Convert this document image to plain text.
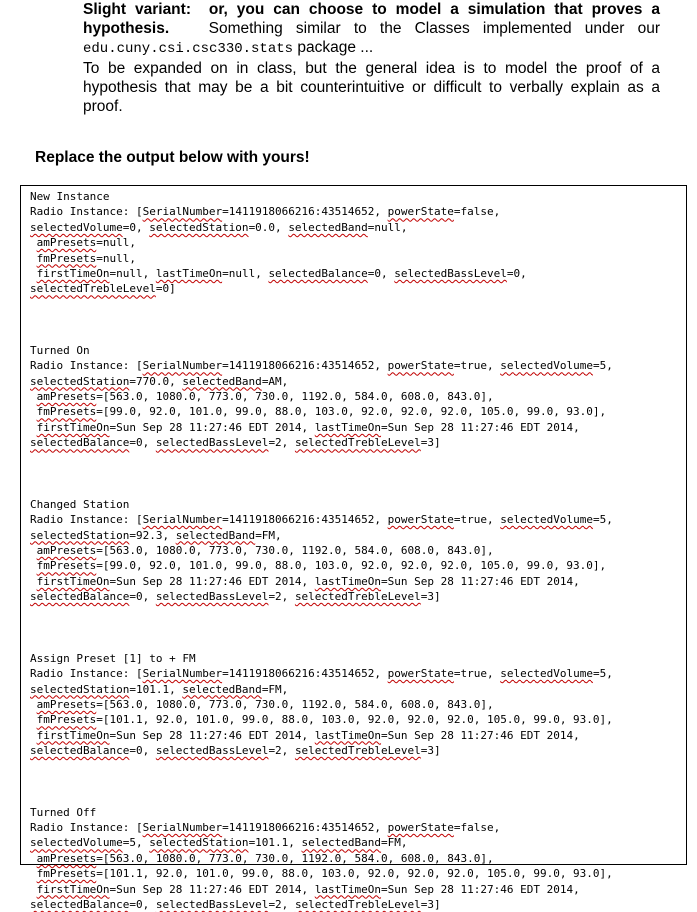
Slight variant: or, you can choose to model a simulation that proves a hypothesis.	Something similar to the Classes implemented under our edu.cuny.csi.csc330.stats package ...

To be expanded on in class, but the general idea is to model the proof of a hypothesis that may be a bit counterintuitive or difficult to verbally explain as a proof.

Replace the output below with yours!

New Instance
Radio Instance: [SerialNumber=1411918066216:43514652, powerState=false,
selectedVolume=0, selectedStation=0.0, selectedBand=null,
amPresets=null,
fmPresets=null,
firstTimeOn=null, lastTimeOn=null, selectedBalance=0, selectedBassLevel=0,
selectedTrebleLevel=0]
Turned On
Radio Instance: [SerialNumber=1411918066216:43514652, powerState=true, selectedVolume=5,
selectedStation=770.0, selectedBand=AM,
amPresets=[563.0, 1080.0, 773.0, 730.0, 1192.0, 584.0, 608.0, 843.0],
fmPresets=[99.0, 92.0, 101.0, 99.0, 88.0, 103.0, 92.0, 92.0, 92.0, 105.0, 99.0, 93.0],
firstTimeOn=Sun Sep 28 11:27:46 EDT 2014, lastTimeOn=Sun Sep 28 11:27:46 EDT 2014,
selectedBalance=0, selectedBassLevel=2, selectedTrebleLevel=3]
Changed Station
Radio Instance: [SerialNumber=1411918066216:43514652, powerState=true, selectedVolume=5,
selectedStation=92.3, selectedBand=FM,
amPresets=[563.0, 1080.0, 773.0, 730.0, 1192.0, 584.0, 608.0, 843.0],
fmPresets=[99.0, 92.0, 101.0, 99.0, 88.0, 103.0, 92.0, 92.0, 92.0, 105.0, 99.0, 93.0],
firstTimeOn=Sun Sep 28 11:27:46 EDT 2014, lastTimeOn=Sun Sep 28 11:27:46 EDT 2014,
selectedBalance=0, selectedBassLevel=2, selectedTrebleLevel=3]
Assign Preset [1] to + FM
Radio Instance: [SerialNumber=1411918066216:43514652, powerState=true, selectedVolume=5,
selectedStation=101.1, selectedBand=FM,
amPresets=[563.0, 1080.0, 773.0, 730.0, 1192.0, 584.0, 608.0, 843.0],
fmPresets=[101.1, 92.0, 101.0, 99.0, 88.0, 103.0, 92.0, 92.0, 92.0, 105.0, 99.0, 93.0],
firstTimeOn=Sun Sep 28 11:27:46 EDT 2014, lastTimeOn=Sun Sep 28 11:27:46 EDT 2014,
selectedBalance=0, selectedBassLevel=2, selectedTrebleLevel=3]
Turned Off
Radio Instance: [SerialNumber=1411918066216:43514652, powerState=false,
selectedVolume=5, selectedStation=101.1, selectedBand=FM,
amPresets=[563.0, 1080.0, 773.0, 730.0, 1192.0, 584.0, 608.0, 843.0],
fmPresets=[101.1, 92.0, 101.0, 99.0, 88.0, 103.0, 92.0, 92.0, 92.0, 105.0, 99.0, 93.0],
firstTimeOn=Sun Sep 28 11:27:46 EDT 2014, lastTimeOn=Sun Sep 28 11:27:46 EDT 2014,
selectedBalance=0, selectedBassLevel=2, selectedTrebleLevel=3]
